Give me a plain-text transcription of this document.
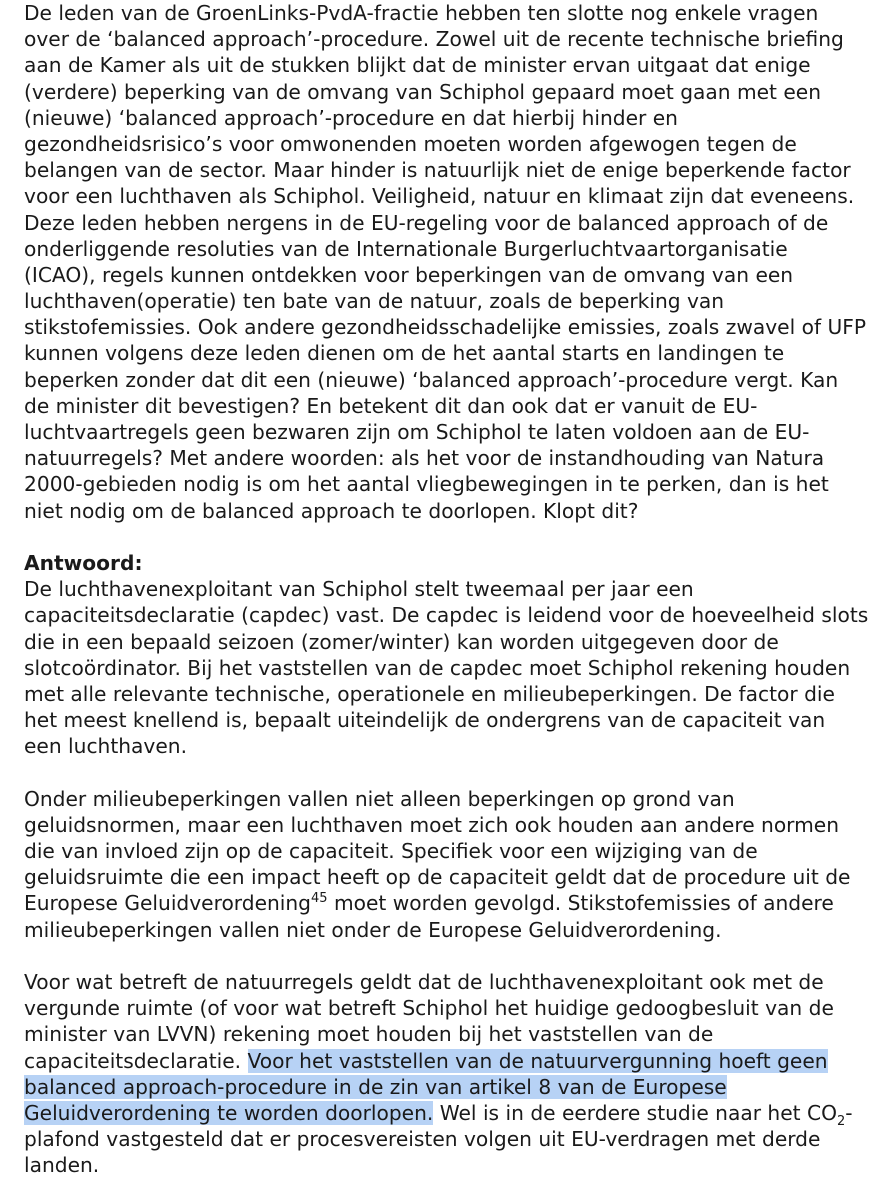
De leden van de GroenLinks-PvdA-fractie hebben ten slotte nog enkele vragen
over de ‘balanced approach’-procedure. Zowel uit de recente technische briefing
aan de Kamer als uit de stukken blijkt dat de minister ervan uitgaat dat enige
(verdere) beperking van de omvang van Schiphol gepaard moet gaan met een
(nieuwe) ‘balanced approach’-procedure en dat hierbij hinder en
gezondheidsrisico’s voor omwonenden moeten worden afgewogen tegen de
belangen van de sector. Maar hinder is natuurlijk niet de enige beperkende factor
voor een luchthaven als Schiphol. Veiligheid, natuur en klimaat zijn dat eveneens.
Deze leden hebben nergens in de EU-regeling voor de balanced approach of de
onderliggende resoluties van de Internationale Burgerluchtvaartorganisatie
(ICAO), regels kunnen ontdekken voor beperkingen van de omvang van een
luchthaven(operatie) ten bate van de natuur, zoals de beperking van
stikstofemissies. Ook andere gezondheidsschadelijke emissies, zoals zwavel of UFP
kunnen volgens deze leden dienen om de het aantal starts en landingen te
beperken zonder dat dit een (nieuwe) ‘balanced approach’-procedure vergt. Kan
de minister dit bevestigen? En betekent dit dan ook dat er vanuit de EU-
luchtvaartregels geen bezwaren zijn om Schiphol te laten voldoen aan de EU-
natuurregels? Met andere woorden: als het voor de instandhouding van Natura
2000-gebieden nodig is om het aantal vliegbewegingen in te perken, dan is het
niet nodig om de balanced approach te doorlopen. Klopt dit?
Antwoord:
De luchthavenexploitant van Schiphol stelt tweemaal per jaar een
capaciteitsdeclaratie (capdec) vast. De capdec is leidend voor de hoeveelheid slots
die in een bepaald seizoen (zomer/winter) kan worden uitgegeven door de
slotcoördinator. Bij het vaststellen van de capdec moet Schiphol rekening houden
met alle relevante technische, operationele en milieubeperkingen. De factor die
het meest knellend is, bepaalt uiteindelijk de ondergrens van de capaciteit van
een luchthaven.
Onder milieubeperkingen vallen niet alleen beperkingen op grond van
geluidsnormen, maar een luchthaven moet zich ook houden aan andere normen
die van invloed zijn op de capaciteit. Specifiek voor een wijziging van de
geluidsruimte die een impact heeft op de capaciteit geldt dat de procedure uit de
Europese Geluidverordening$^{45}$ moet worden gevolgd. Stikstofemissies of andere
milieubeperkingen vallen niet onder de Europese Geluidverordening.
Voor wat betreft de natuurregels geldt dat de luchthavenexploitant ook met de
vergunde ruimte (of voor wat betreft Schiphol het huidige gedoogbesluit van de
minister van LVVN) rekening moet houden bij het vaststellen van de
capaciteitsdeclaratie. Voor het vaststellen van de natuurvergunning hoeft geen
balanced approach-procedure in de zin van artikel 8 van de Europese
Geluidverordening te worden doorlopen. Wel is in de eerdere studie naar het $CO_2-$
plafond vastgesteld dat er procesvereisten volgen uit EU-verdragen met derde
landen.
